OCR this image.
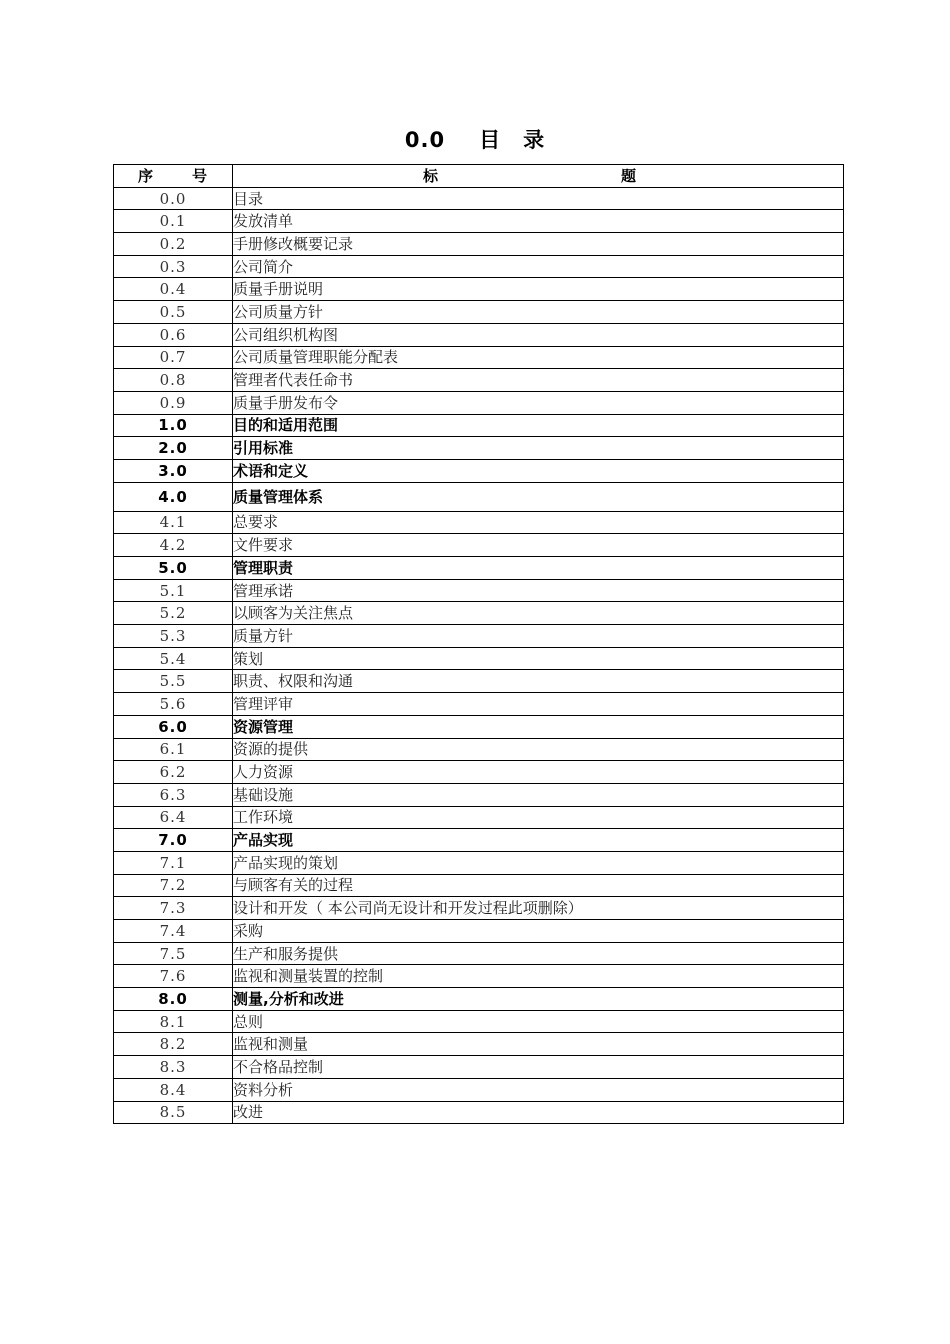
0.0 目 录
序 号	标 题
0.0	目录
0.1	发放清单
0.2	手册修改概要记录
0.3	公司简介
0.4	质量手册说明
0.5	公司质量方针
0.6	公司组织机构图
0.7	公司质量管理职能分配表
0.8	管理者代表任命书
0.9	质量手册发布令
1.0	目的和适用范围
2.0	引用标准
3.0	术语和定义
4.0	质量管理体系
4.1	总要求
4.2	文件要求
5.0	管理职责
5.1	管理承诺
5.2	以顾客为关注焦点
5.3	质量方针
5.4	策划
5.5	职责、权限和沟通
5.6	管理评审
6.0	资源管理
6.1	资源的提供
6.2	人力资源
6.3	基础设施
6.4	工作环境
7.0	产品实现
7.1	产品实现的策划
7.2	与顾客有关的过程
7.3	设计和开发（ 本公司尚无设计和开发过程此项删除）
7.4	采购
7.5	生产和服务提供
7.6	监视和测量装置的控制
8.0	测量,分析和改进
8.1	总则
8.2	监视和测量
8.3	不合格品控制
8.4	资料分析
8.5	改进
